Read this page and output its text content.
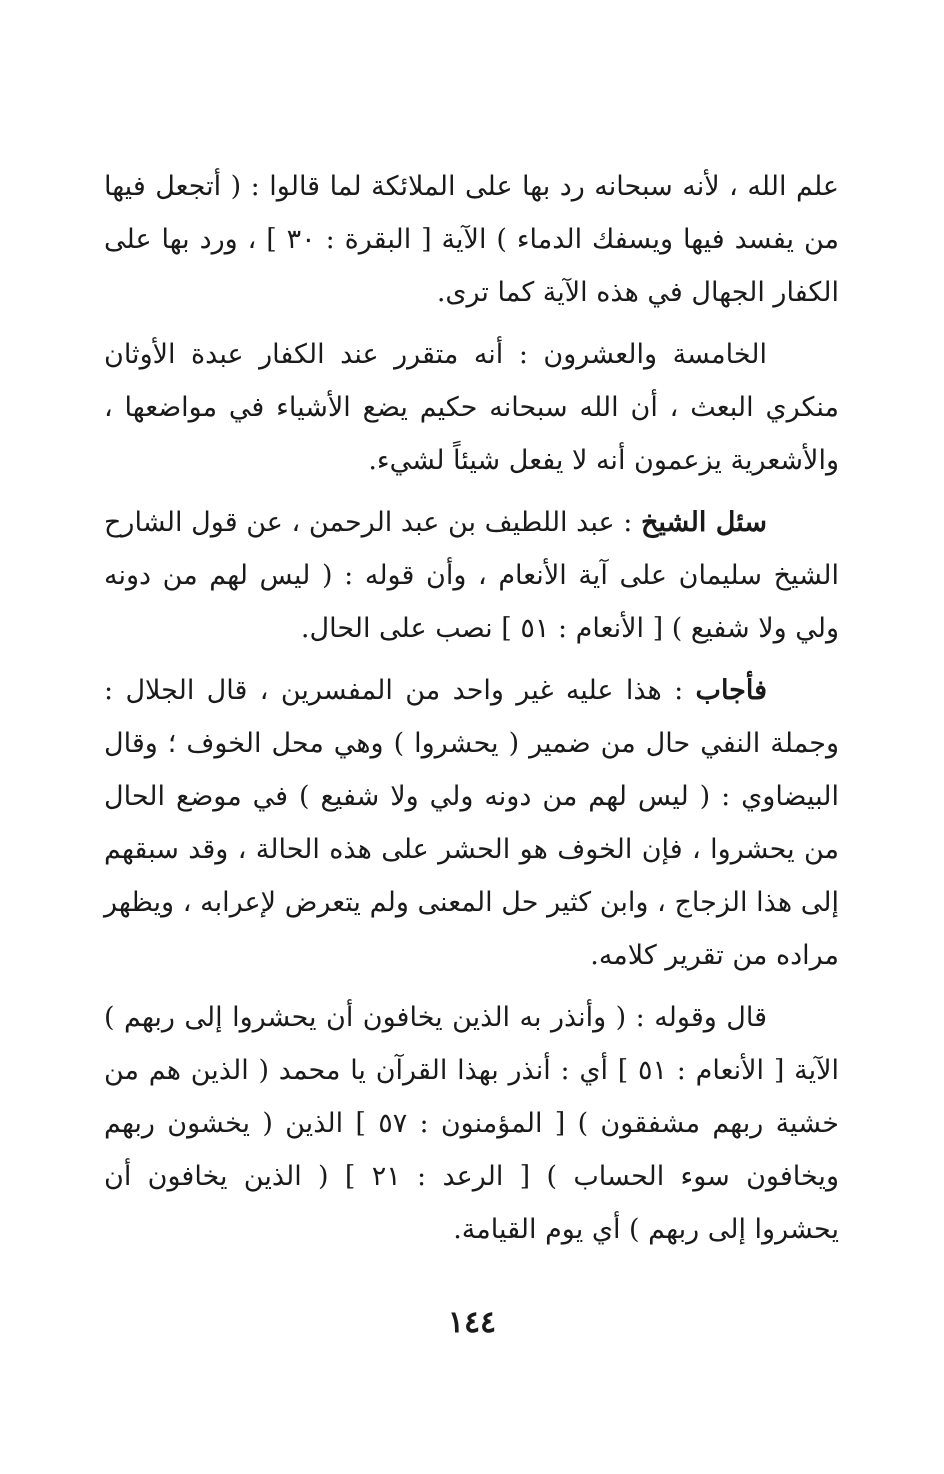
علم الله ، لأنه سبحانه رد بها على الملائكة لما قالوا : ( أتجعل فيها من يفسد فيها ويسفك الدماء ) الآية [ البقرة : ٣٠ ] ، ورد بها على الكفار الجهال في هذه الآية كما ترى.

الخامسة والعشرون : أنه متقرر عند الكفار عبدة الأوثان منكري البعث ، أن الله سبحانه حكيم يضع الأشياء في مواضعها ، والأشعرية يزعمون أنه لا يفعل شيئاً لشيء.

سئل الشيخ : عبد اللطيف بن عبد الرحمن ، عن قول الشارح الشيخ سليمان على آية الأنعام ، وأن قوله : ( ليس لهم من دونه ولي ولا شفيع ) [ الأنعام : ٥١ ] نصب على الحال.

فأجاب : هذا عليه غير واحد من المفسرين ، قال الجلال : وجملة النفي حال من ضمير ( يحشروا ) وهي محل الخوف ؛ وقال البيضاوي : ( ليس لهم من دونه ولي ولا شفيع ) في موضع الحال من يحشروا ، فإن الخوف هو الحشر على هذه الحالة ، وقد سبقهم إلى هذا الزجاج ، وابن كثير حل المعنى ولم يتعرض لإعرابه ، ويظهر مراده من تقرير كلامه.

قال وقوله : ( وأنذر به الذين يخافون أن يحشروا إلى ربهم ) الآية [ الأنعام : ٥١ ] أي : أنذر بهذا القرآن يا محمد ( الذين هم من خشية ربهم مشفقون ) [ المؤمنون : ٥٧ ] الذين ( يخشون ربهم ويخافون سوء الحساب ) [ الرعد : ٢١ ] ( الذين يخافون أن يحشروا إلى ربهم ) أي يوم القيامة.

١٤٤
